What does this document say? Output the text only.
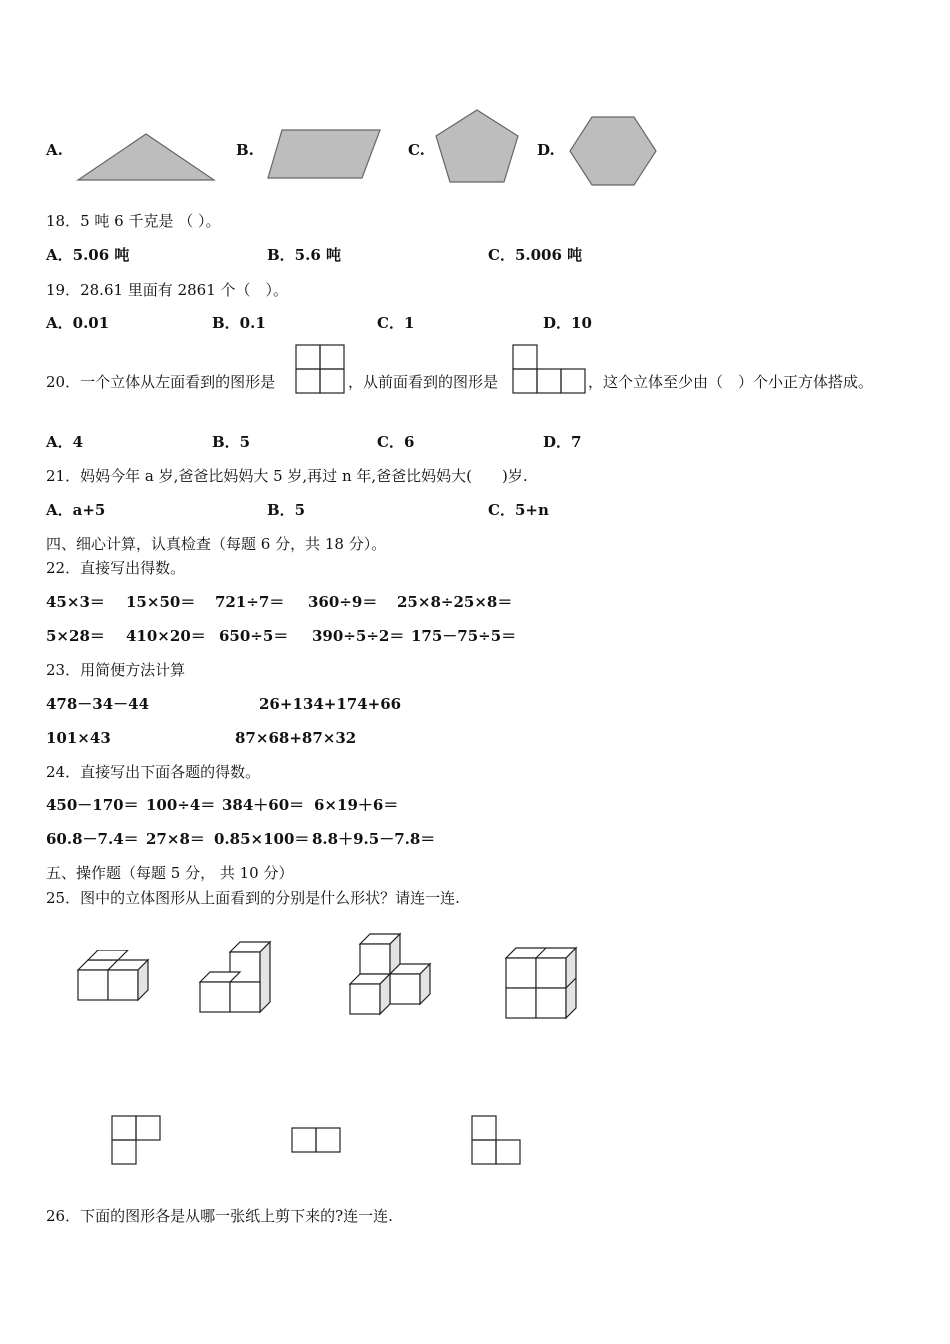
A.	B.	C.	D.
18．5 吨 6 千克是 （ ）。
A．5.06 吨	B．5.6 吨	C．5.006 吨
19．28.61 里面有 2861 个（　）。
A．0.01	B．0.1	C．1	D．10
20．一个立体从左面看到的图形是	，从前面看到的图形是	，这个立体至少由（　）个小正方体搭成。
A．4	B．5	C．6	D．7
21．妈妈今年 a 岁,爸爸比妈妈大 5 岁,再过 n 年,爸爸比妈妈大(　　)岁.
A．a+5	B．5	C．5+n
四、细心计算，认真检查（每题 6 分，共 18 分）。
22．直接写出得数。
45×3＝ 15×50＝ 721÷7＝ 360÷9＝ 25×8÷25×8＝
5×28＝ 410×20＝ 650÷5＝ 390÷5÷2＝ 175－75÷5＝
23．用简便方法计算
478－34－44	26+134+174+66
101×43	87×68+87×32
24．直接写出下面各题的得数。
450－170＝ 100÷4＝ 384＋60＝ 6×19＋6＝
60.8－7.4＝ 27×8＝ 0.85×100＝ 8.8＋9.5－7.8＝
五、操作题（每题 5 分， 共 10 分）
25．图中的立体图形从上面看到的分别是什么形状？请连一连.
26．下面的图形各是从哪一张纸上剪下来的?连一连.
